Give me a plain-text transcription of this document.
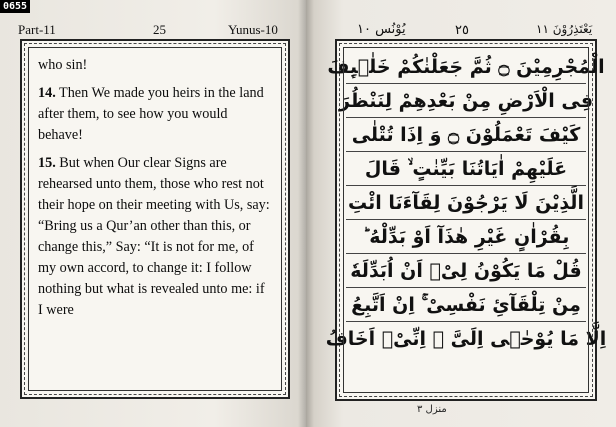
Part-11	25	Yunus-10

who sin!

14. Then We made you heirs in the land after them, to see how you would behave!

15. But when Our clear Signs are rehearsed unto them, those who rest not their hope on their meeting with Us, say: “Bring us a Qur’an other than this, or change this,” Say: “It is not for me, of my own accord, to change it: I follow nothing but what is revealed unto me: if I were

يُوْنُس ١٠	٢٥	يَعْتَذِرُوْنَ ١١
الْمُجْرِمِيْنَ ۝ ثُمَّ جَعَلْنٰكُمْ خَلٰۤىِٕفَ
فِى الْاَرْضِ مِنْ بَعْدِهِمْ لِنَنْظُرَ
كَيْفَ تَعْمَلُوْنَ ۝ وَ اِذَا تُتْلٰى
عَلَيْهِمْ اٰيَاتُنَا بَيِّنٰتٍ ۙ قَالَ
الَّذِيْنَ لَا يَرْجُوْنَ لِقَآءَنَا ائْتِ
بِقُرْاٰنٍ غَيْرِ هٰذَآ اَوْ بَدِّلْهُ ؕ
قُلْ مَا يَكُوْنُ لِىْۤ اَنْ اُبَدِّلَهٗ
مِنْ تِلْقَآئِ نَفْسِىْ ۚ اِنْ اَتَّبِعُ
اِلَّا مَا يُوْحٰۤى اِلَىَّ ۚ اِنِّىْۤ اَخَافُ
منزل ٣
0655
